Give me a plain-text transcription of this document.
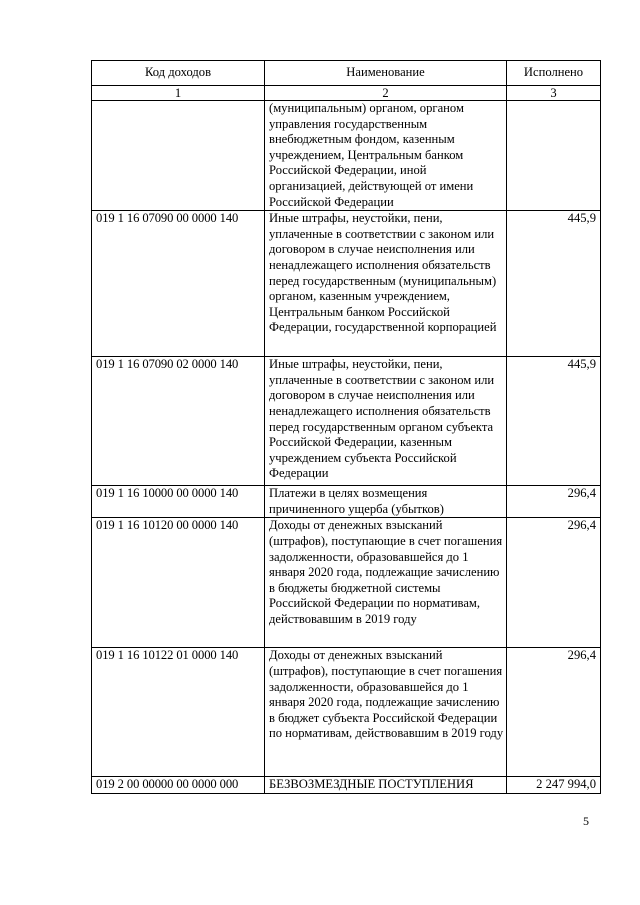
Код доходов	Наименование	Исполнено
1	2	3
	(муниципальным) органом, органом управления государственным внебюджетным фондом, казенным учреждением, Центральным банком Российской Федерации, иной организацией, действующей от имени Российской Федерации	
019 1 16 07090 00 0000 140	Иные штрафы, неустойки, пени, уплаченные в соответствии с законом или договором в случае неисполнения или ненадлежащего исполнения обязательств перед государственным (муниципальным) органом, казенным учреждением, Центральным банком Российской Федерации, государственной корпорацией	445,9
019 1 16 07090 02 0000 140	Иные штрафы, неустойки, пени, уплаченные в соответствии с законом или договором в случае неисполнения или ненадлежащего исполнения обязательств перед государственным органом субъекта Российской Федерации, казенным учреждением субъекта Российской Федерации	445,9
019 1 16 10000 00 0000 140	Платежи в целях возмещения причиненного ущерба (убытков)	296,4
019 1 16 10120 00 0000 140	Доходы от денежных взысканий (штрафов), поступающие в счет погашения задолженности, образовавшейся до 1 января 2020 года, подлежащие зачислению в бюджеты бюджетной системы Российской Федерации по нормативам, действовавшим в 2019 году	296,4
019 1 16 10122 01 0000 140	Доходы от денежных взысканий (штрафов), поступающие в счет погашения задолженности, образовавшейся до 1 января 2020 года, подлежащие зачислению в бюджет субъекта Российской Федерации по нормативам, действовавшим в 2019 году	296,4
019 2 00 00000 00 0000 000	БЕЗВОЗМЕЗДНЫЕ ПОСТУПЛЕНИЯ	2 247 994,0
5
